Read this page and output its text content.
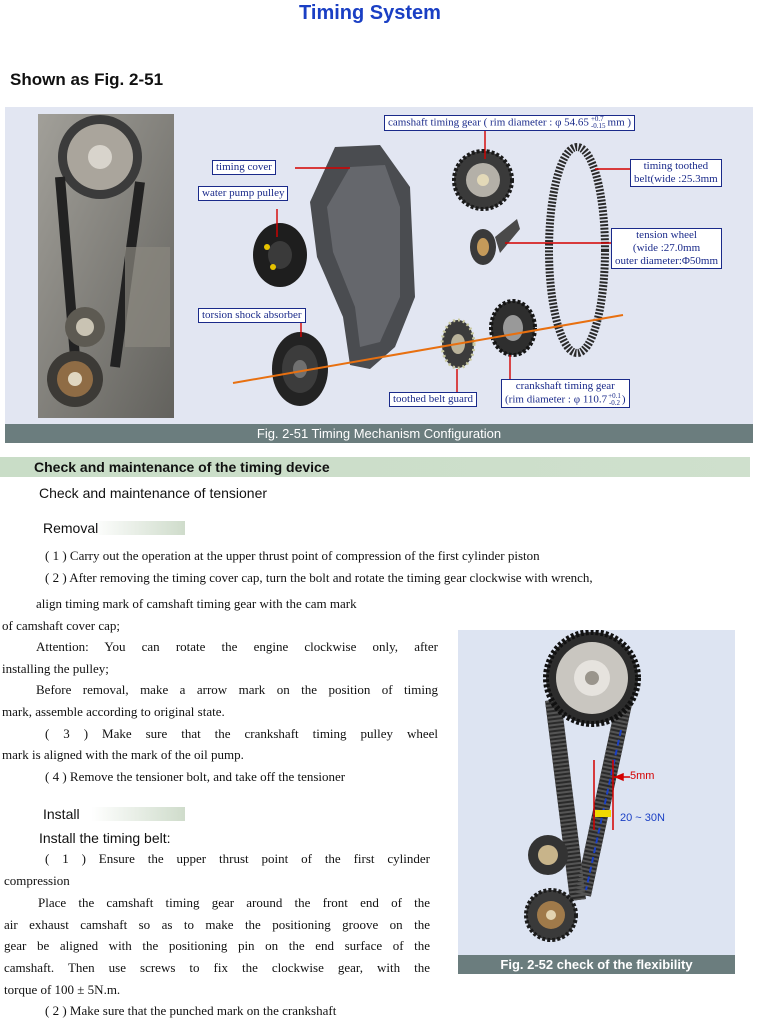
Timing System
Shown as Fig. 2-51
camshaft timing gear ( rim diameter : φ 54.65 +0.7
-0.15 mm )
timing cover
water pump pulley
timing toothed
belt(wide :25.3mm
tension wheel
(wide :27.0mm
outer diameter:Φ50mm
torsion shock absorber
toothed belt guard
crankshaft timing gear
(rim diameter : φ 110.7+0.1
-0.2 )
Fig. 2-51 Timing Mechanism Configuration
Check and maintenance of the timing device
Check and maintenance of tensioner
Removal
( 1 ) Carry out the operation at the upper thrust point of compression of the first cylinder piston
( 2 ) After removing the timing cover cap, turn the bolt and rotate the timing gear clockwise with wrench,
align timing mark of camshaft timing gear with the cam mark
of camshaft cover cap;
Attention: You can rotate the engine clockwise only, after
installing the pulley;
Before removal, make a arrow mark on the position of timing
mark, assemble according to original state.
( 3 ) Make sure that the crankshaft timing pulley wheel
mark is aligned with the mark of the oil pump.
( 4 ) Remove the tensioner bolt, and take off the tensioner
Install
Install the timing belt:
( 1 ) Ensure the upper thrust point of the first cylinder
compression
Place the camshaft timing gear around the front end of the
air exhaust camshaft so as to make the positioning groove on the
gear be aligned with the positioning pin on the end surface of the
camshaft. Then use screws to fix the clockwise gear, with the
torque of 100 ± 5N.m.
( 2 ) Make sure that the punched mark on the crankshaft
5mm
20 ~ 30N
Fig. 2-52 check of the flexibility
